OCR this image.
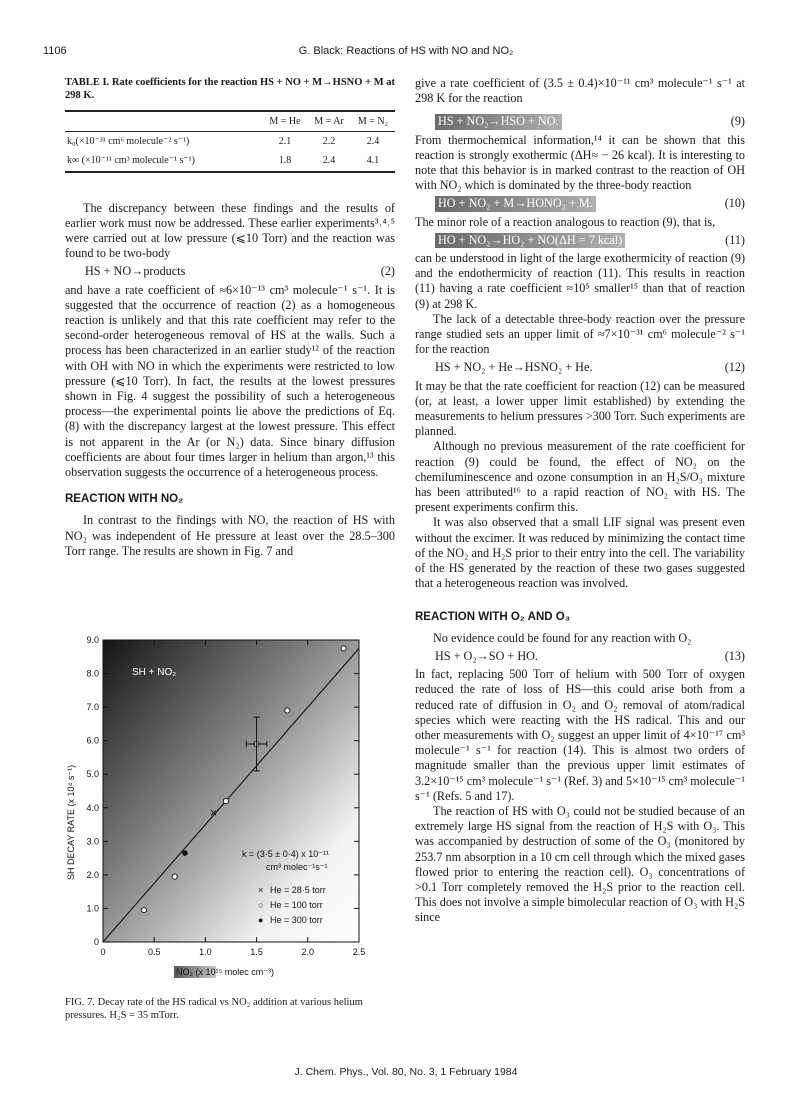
1106	G. Black: Reactions of HS with NO and NO₂
TABLE I. Rate coefficients for the reaction HS + NO + M→HSNO + M at 298 K.
	M = He	M = Ar	M = N₂
k₀(×10⁻³¹ cm⁶ molecule⁻² s⁻¹)	2.1	2.2	2.4
k∞ (×10⁻¹¹ cm³ molecule⁻¹ s⁻¹)	1.8	2.4	4.1

The discrepancy between these findings and the results of earlier work must now be addressed. These earlier experiments³˒⁴˒⁵ were carried out at low pressure (⩽10 Torr) and the reaction was found to be two-body

HS + NO→products	(2)

and have a rate coefficient of ≈6×10⁻¹³ cm³ molecule⁻¹ s⁻¹. It is suggested that the occurrence of reaction (2) as a homogeneous reaction is unlikely and that this rate coefficient may refer to the second-order heterogeneous removal of HS at the walls. Such a process has been characterized in an earlier study¹² of the reaction with OH with NO in which the experiments were restricted to low pressure (⩽10 Torr). In fact, the results at the lowest pressures shown in Fig. 4 suggest the possibility of such a heterogeneous process—the experimental points lie above the predictions of Eq. (8) with the discrepancy largest at the lowest pressure. This effect is not apparent in the Ar (or N₂) data. Since binary diffusion coefficients are about four times larger in helium than argon,¹³ this observation suggests the occurrence of a heterogeneous process.

REACTION WITH NO₂

In contrast to the findings with NO, the reaction of HS with NO₂ was independent of He pressure at least over the 28.5–300 Torr range. The results are shown in Fig. 7 and

0	0.5	1.0	1.5	2.0	2.5
0
1.0
2.0
3.0
4.0
5.0
6.0
7.0
8.0
9.0
SH + NO₂
k = (3·5 ± 0·4) x 10⁻¹¹
cm³ molec⁻¹s⁻¹
× He = 28·5 torr
○ He = 100 torr
● He = 300 torr
NO₂ (x 10¹⁵ molec cm⁻³)
SH DECAY RATE (x 10⁴ s⁻¹)
FIG. 7. Decay rate of the HS radical vs NO₂ addition at various helium pressures. H₂S = 35 mTorr.

give a rate coefficient of (3.5 ± 0.4)×10⁻¹¹ cm³ molecule⁻¹ s⁻¹ at 298 K for the reaction

HS + NO₂→HSO + NO.	(9)

From thermochemical information,¹⁴ it can be shown that this reaction is strongly exothermic (ΔH≈ − 26 kcal). It is interesting to note that this behavior is in marked contrast to the reaction of OH with NO₂ which is dominated by the three-body reaction

HO + NO₂ + M→HONO₂ + M.	(10)

The minor role of a reaction analogous to reaction (9), that is,

HO + NO₂→HO₂ + NO(ΔH = 7 kcal)	(11)

can be understood in light of the large exothermicity of reaction (9) and the endothermicity of reaction (11). This results in reaction (11) having a rate coefficient ≈10⁵ smaller¹⁵ than that of reaction (9) at 298 K.

The lack of a detectable three-body reaction over the pressure range studied sets an upper limit of ≈7×10⁻³¹ cm⁶ molecule⁻² s⁻¹ for the reaction

HS + NO₂ + He→HSNO₂ + He.	(12)

It may be that the rate coefficient for reaction (12) can be measured (or, at least, a lower upper limit established) by extending the measurements to helium pressures >300 Torr. Such experiments are planned.

Although no previous measurement of the rate coefficient for reaction (9) could be found, the effect of NO₂ on the chemiluminescence and ozone consumption in an H₂S/O₃ mixture has been attributed¹⁶ to a rapid reaction of NO₂ with HS. The present experiments confirm this.

It was also observed that a small LIF signal was present even without the excimer. It was reduced by minimizing the contact time of the NO₂ and H₂S prior to their entry into the cell. The variability of the HS generated by the reaction of these two gases suggested that a heterogeneous reaction was involved.

REACTION WITH O₂ AND O₃

No evidence could be found for any reaction with O₂

HS + O₂→SO + HO.	(13)

In fact, replacing 500 Torr of helium with 500 Torr of oxygen reduced the rate of loss of HS—this could arise both from a reduced rate of diffusion in O₂ and O₂ removal of atom/radical species which were reacting with the HS radical. This and our other measurements with O₂ suggest an upper limit of 4×10⁻¹⁷ cm³ molecule⁻¹ s⁻¹ for reaction (14). This is almost two orders of magnitude smaller than the previous upper limit estimates of 3.2×10⁻¹⁵ cm³ molecule⁻¹ s⁻¹ (Ref. 3) and 5×10⁻¹⁵ cm³ molecule⁻¹ s⁻¹ (Refs. 5 and 17).

The reaction of HS with O₃ could not be studied because of an extremely large HS signal from the reaction of H₂S with O₃. This was accompanied by destruction of some of the O₃ (monitored by 253.7 nm absorption in a 10 cm cell through which the mixed gases flowed prior to entering the reaction cell). O₃ concentrations of >0.1 Torr completely removed the H₂S prior to the reaction cell. This does not involve a simple bimolecular reaction of O₃ with H₂S since

J. Chem. Phys., Vol. 80, No. 3, 1 February 1984
